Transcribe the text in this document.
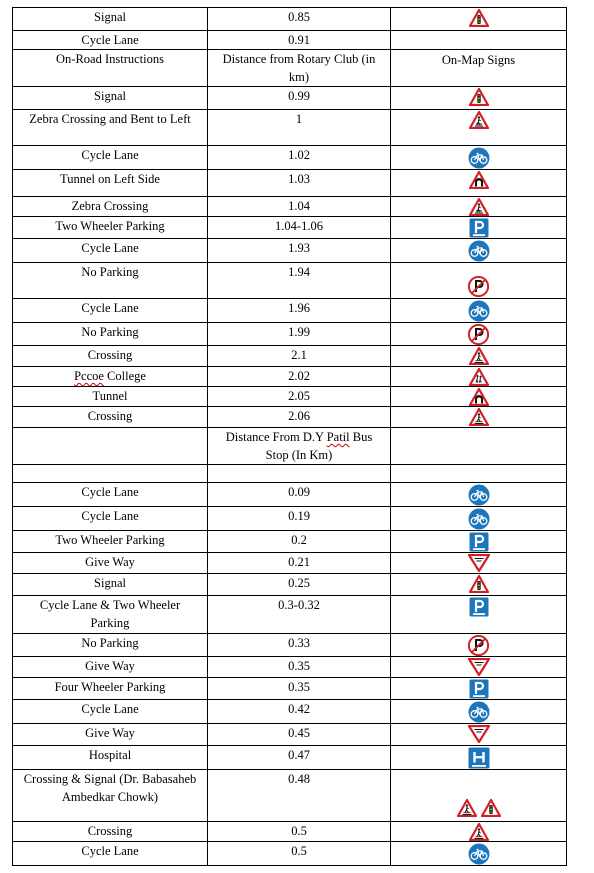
Signal	0.85	

Cycle Lane	0.91	
On-Road Instructions	Distance from Rotary Club (in km)	On-Map Signs
Signal	0.99	

Zebra Crossing and Bent to Left	1	

Cycle Lane	1.02	

Tunnel on Left Side	1.03	

Zebra Crossing	1.04	

Two Wheeler Parking	1.04-1.06	

Cycle Lane	1.93	

No Parking	1.94	

Cycle Lane	1.96	

No Parking	1.99	

Crossing	2.1	

Pccoe College	2.02	

Tunnel	2.05	

Crossing	2.06	

	Distance From D.Y Patil Bus Stop (In Km)	

Cycle Lane	0.09	

Cycle Lane	0.19	

Two Wheeler Parking	0.2	

Give Way	0.21	

Signal	0.25	

Cycle Lane & Two Wheeler Parking	0.3-0.32	

No Parking	0.33	

Give Way	0.35	

Four Wheeler Parking	0.35	

Cycle Lane	0.42	

Give Way	0.45	

Hospital	0.47	

Crossing & Signal (Dr. Babasaheb Ambedkar Chowk)	0.48	

Crossing	0.5	

Cycle Lane	0.5	
